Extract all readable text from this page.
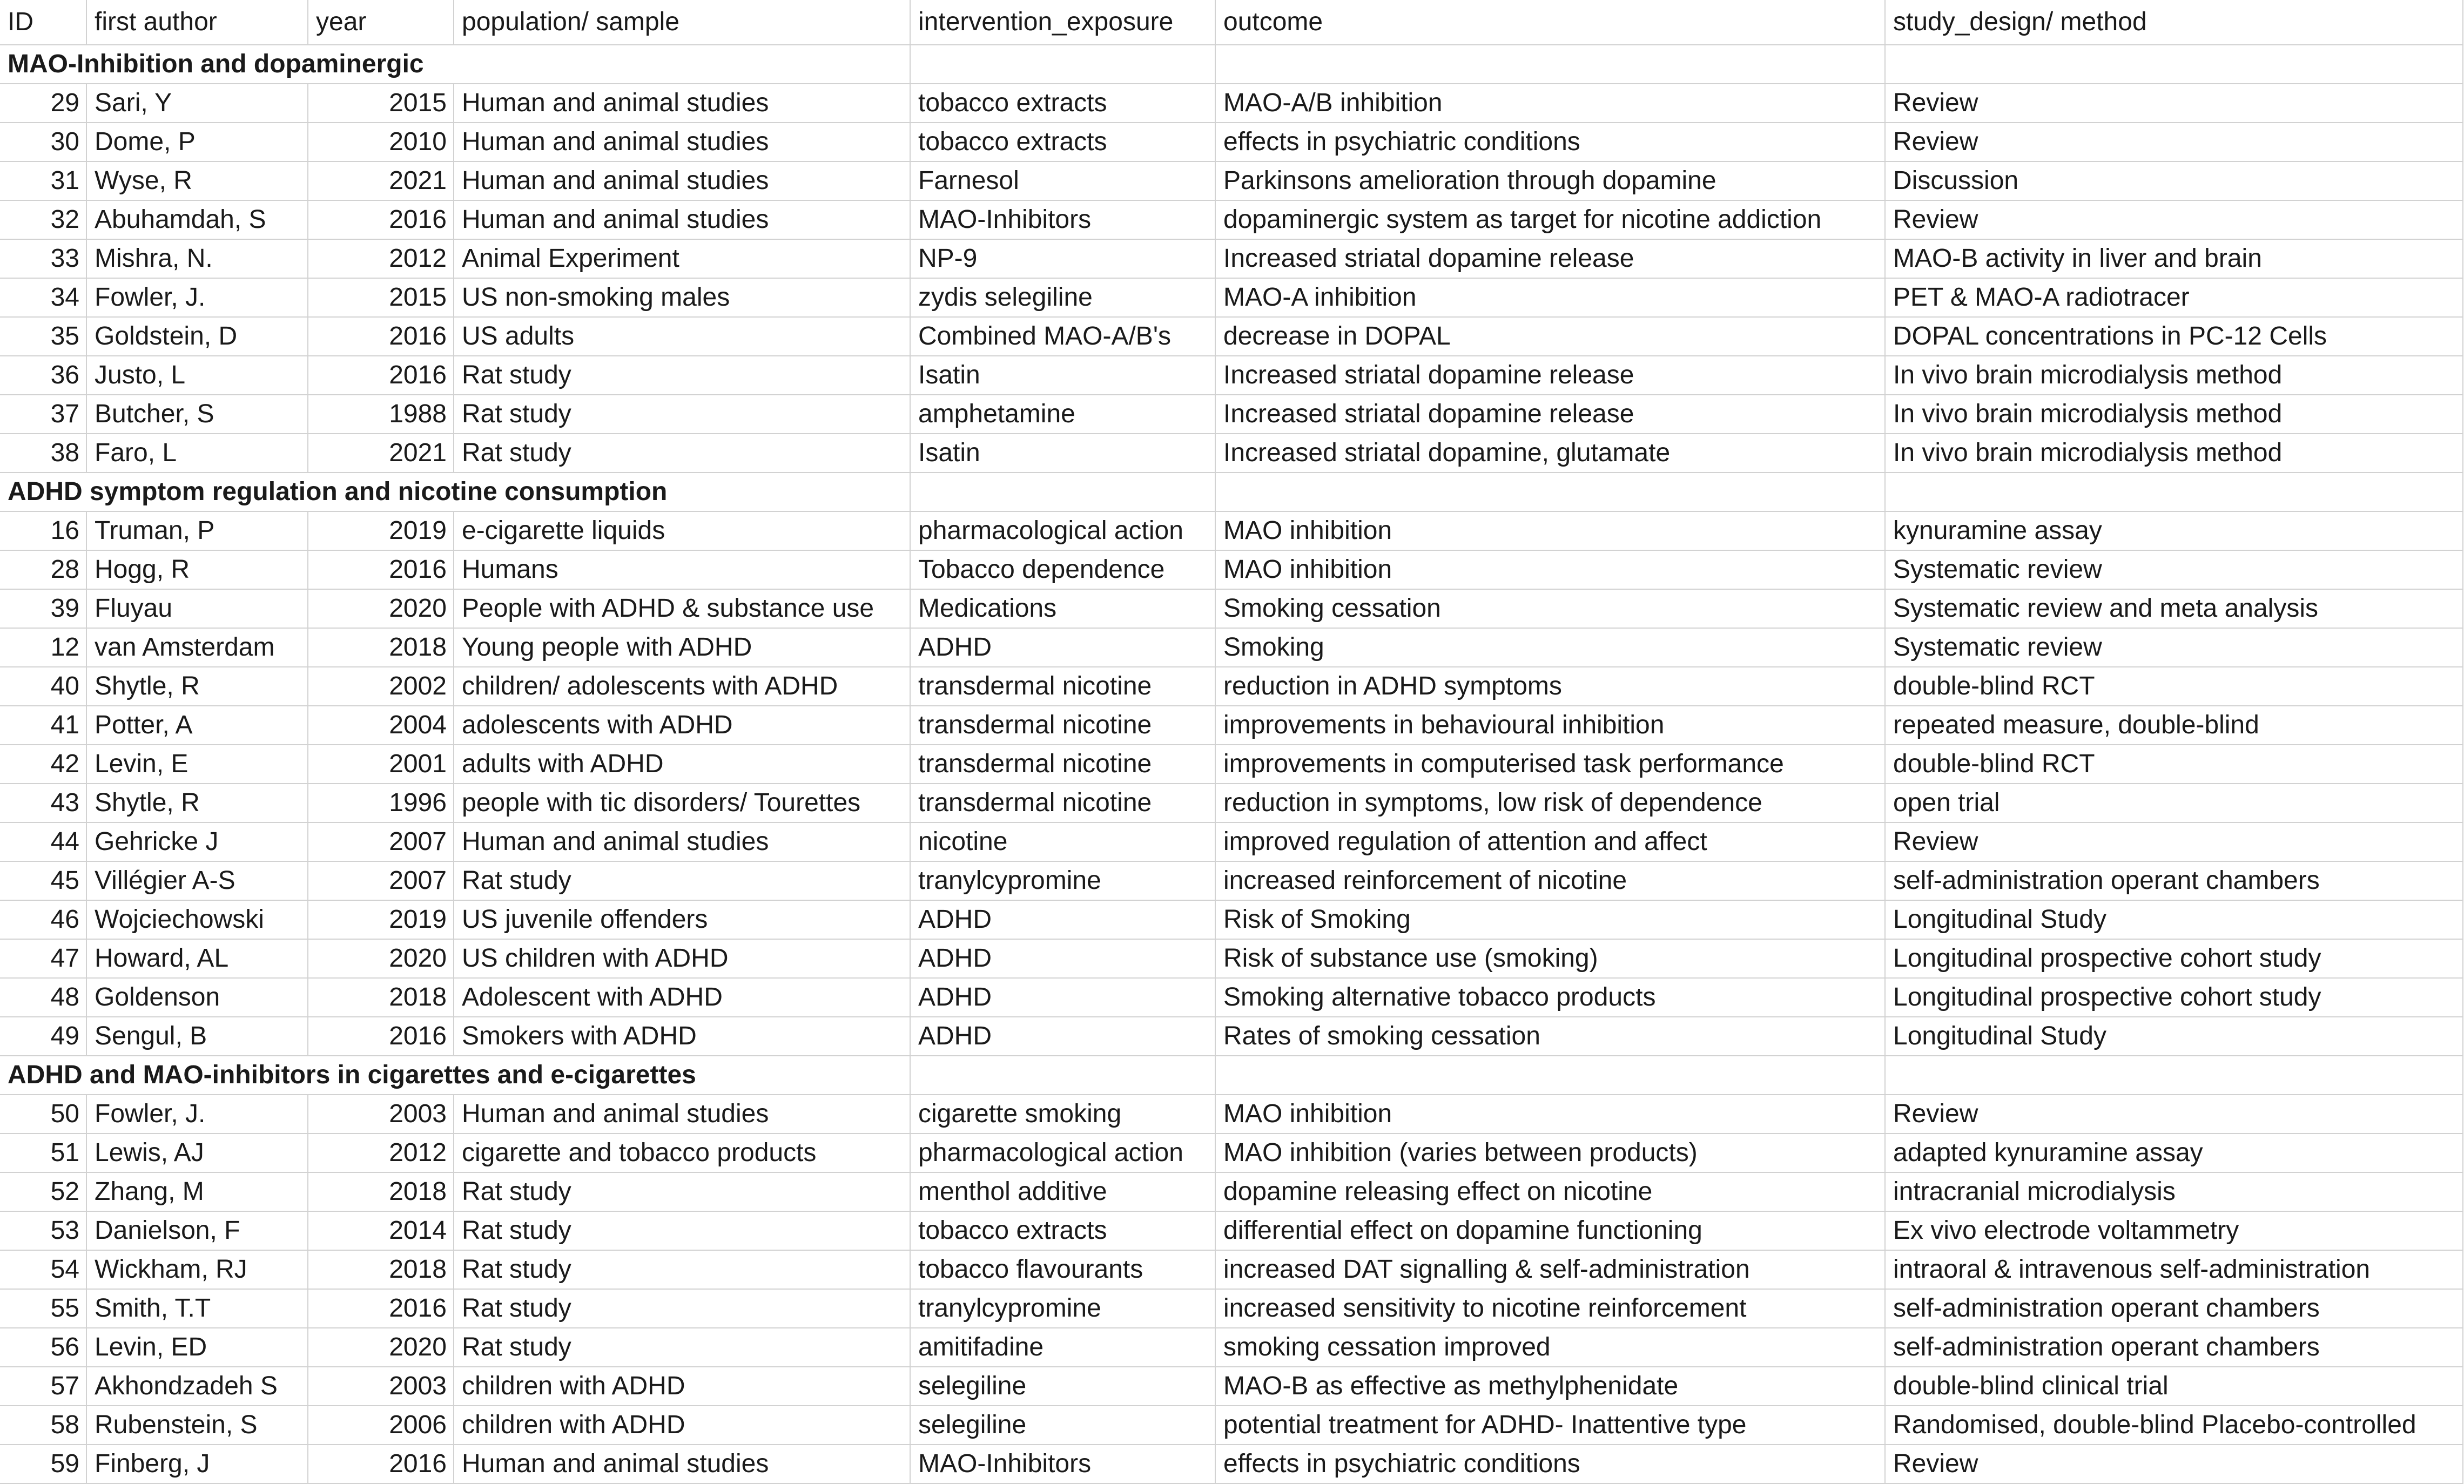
ID	first author	year	population/ sample	intervention_exposure	outcome	study_design/ method
MAO-Inhibition and dopaminergic						
29	Sari, Y	2015	Human and animal studies	tobacco extracts	MAO-A/B inhibition	Review
30	Dome, P	2010	Human and animal studies	tobacco extracts	effects in psychiatric conditions	Review
31	Wyse, R	2021	Human and animal studies	Farnesol	Parkinsons amelioration through dopamine	Discussion
32	Abuhamdah, S	2016	Human and animal studies	MAO-Inhibitors	dopaminergic system as target for nicotine addiction	Review
33	Mishra, N.	2012	Animal Experiment	NP-9	Increased striatal dopamine release	MAO-B activity in liver and brain
34	Fowler, J.	2015	US non-smoking males	zydis selegiline	MAO-A inhibition	PET & MAO-A radiotracer
35	Goldstein, D	2016	US adults	Combined MAO-A/B's	decrease in DOPAL	DOPAL concentrations in PC-12 Cells
36	Justo, L	2016	Rat study	Isatin	Increased striatal dopamine release	In vivo brain microdialysis method
37	Butcher, S	1988	Rat study	amphetamine	Increased striatal dopamine release	In vivo brain microdialysis method
38	Faro, L	2021	Rat study	Isatin	Increased striatal dopamine, glutamate	In vivo brain microdialysis method
ADHD symptom regulation and nicotine consumption						
16	Truman, P	2019	e-cigarette liquids	pharmacological action	MAO inhibition	kynuramine assay
28	Hogg, R	2016	Humans	Tobacco dependence	MAO inhibition	Systematic review
39	Fluyau	2020	People with ADHD & substance use	Medications	Smoking cessation	Systematic review and meta analysis
12	van Amsterdam	2018	Young people with ADHD	ADHD	Smoking	Systematic review
40	Shytle, R	2002	children/ adolescents with ADHD	transdermal nicotine	reduction in ADHD symptoms	double-blind RCT
41	Potter, A	2004	adolescents with ADHD	transdermal nicotine	improvements in behavioural inhibition	repeated measure, double-blind
42	Levin, E	2001	adults with ADHD	transdermal nicotine	improvements in computerised task performance	double-blind RCT
43	Shytle, R	1996	people with tic disorders/ Tourettes	transdermal nicotine	reduction in symptoms, low risk of dependence	open trial
44	Gehricke J	2007	Human and animal studies	nicotine	improved regulation of attention and affect	Review
45	Villégier A-S	2007	Rat study	tranylcypromine	increased reinforcement of nicotine	self-administration operant chambers
46	Wojciechowski	2019	US juvenile offenders	ADHD	Risk of Smoking	Longitudinal Study
47	Howard, AL	2020	US children with ADHD	ADHD	Risk of substance use (smoking)	Longitudinal prospective cohort study
48	Goldenson	2018	Adolescent with ADHD	ADHD	Smoking alternative tobacco products	Longitudinal prospective cohort study
49	Sengul, B	2016	Smokers with ADHD	ADHD	Rates of smoking cessation	Longitudinal Study
ADHD and MAO-inhibitors in cigarettes and e-cigarettes						
50	Fowler, J.	2003	Human and animal studies	cigarette smoking	MAO inhibition	Review
51	Lewis, AJ	2012	cigarette and tobacco products	pharmacological action	MAO inhibition (varies between products)	adapted kynuramine assay
52	Zhang, M	2018	Rat study	menthol additive	dopamine releasing effect on nicotine	intracranial microdialysis
53	Danielson, F	2014	Rat study	tobacco extracts	differential effect on dopamine functioning	Ex vivo electrode voltammetry
54	Wickham, RJ	2018	Rat study	tobacco flavourants	increased DAT signalling & self-administration	intraoral & intravenous self-administration
55	Smith, T.T	2016	Rat study	tranylcypromine	increased sensitivity to nicotine reinforcement	self-administration operant chambers
56	Levin, ED	2020	Rat study	amitifadine	smoking cessation improved	self-administration operant chambers
57	Akhondzadeh S	2003	children with ADHD	selegiline	MAO-B as effective as methylphenidate	double-blind clinical trial
58	Rubenstein, S	2006	children with ADHD	selegiline	potential treatment for ADHD- Inattentive type	Randomised, double-blind Placebo-controlled
59	Finberg, J	2016	Human and animal studies	MAO-Inhibitors	effects in psychiatric conditions	Review
